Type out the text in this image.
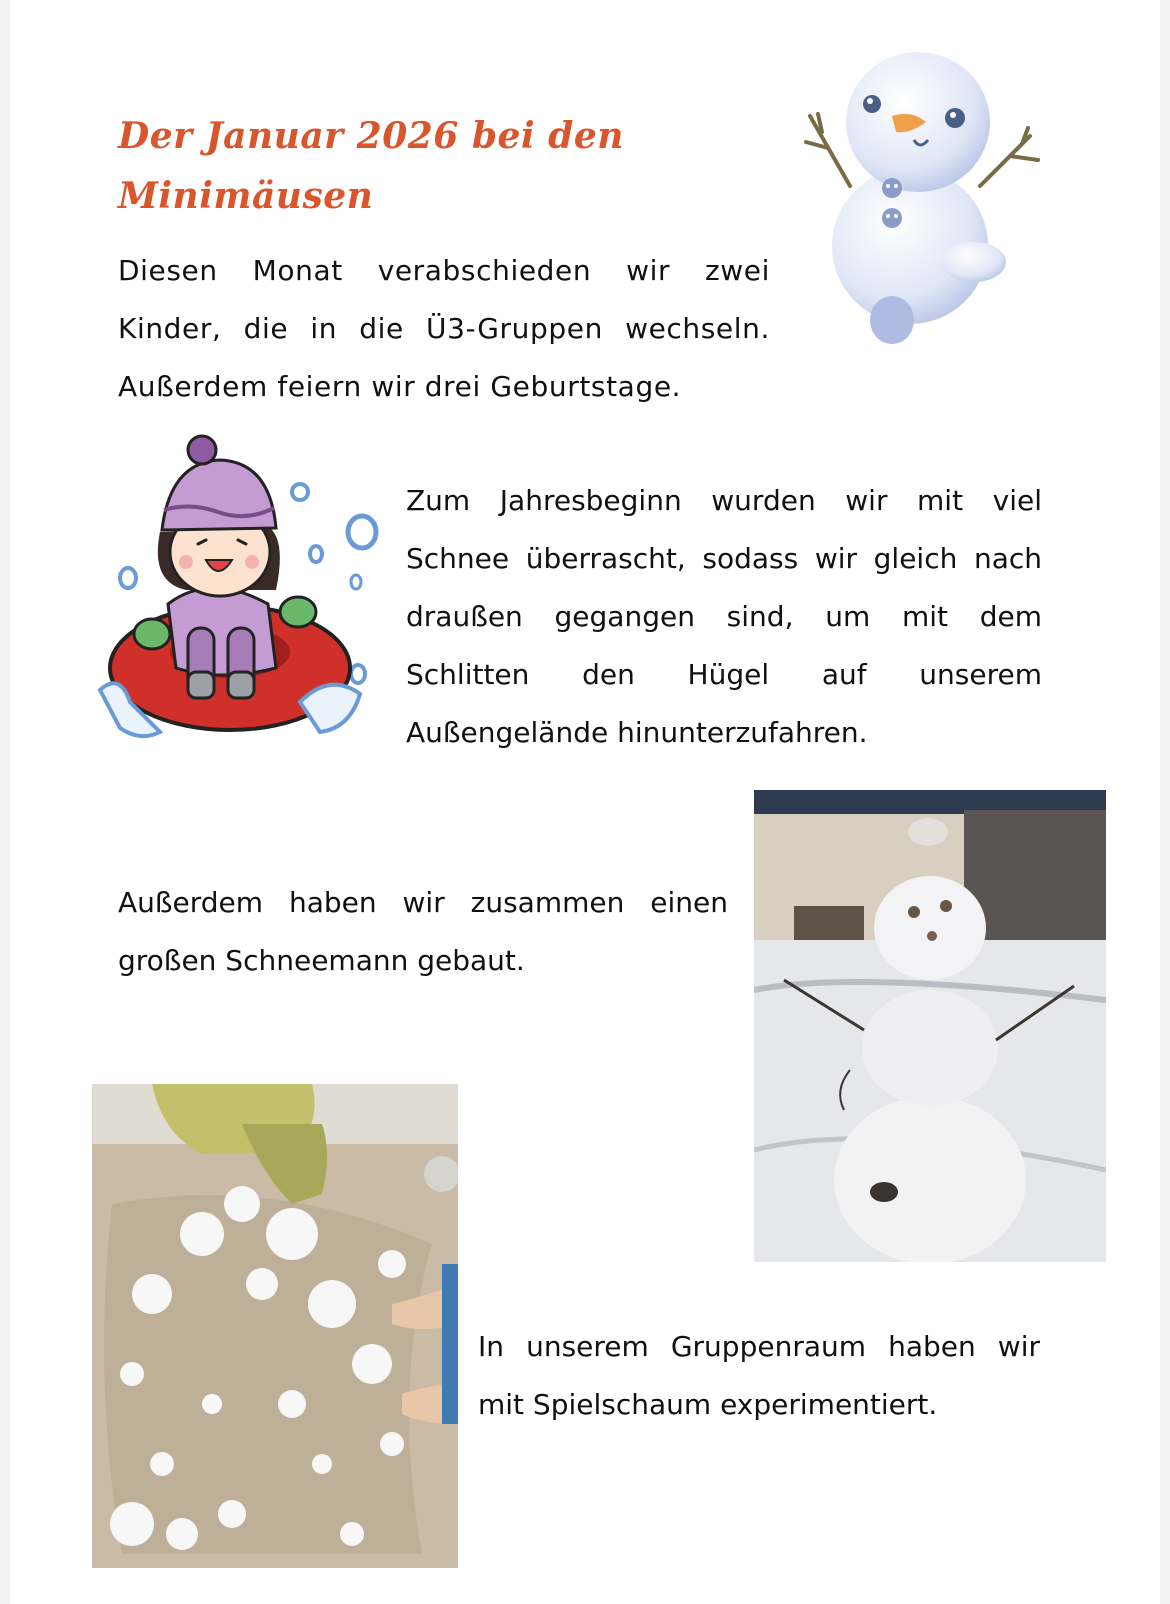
Der Januar 2026 bei den Minimäusen

Diesen Monat verabschieden wir zwei Kinder, die in die Ü3-Gruppen wechseln. Außerdem feiern wir drei Geburtstage.

Zum Jahresbeginn wurden wir mit viel Schnee überrascht, sodass wir gleich nach draußen gegangen sind, um mit dem Schlitten den Hügel auf unserem Außengelände hinunterzufahren.

Außerdem haben wir zusammen einen großen Schneemann gebaut.

In unserem Gruppenraum haben wir mit Spielschaum experimentiert.
